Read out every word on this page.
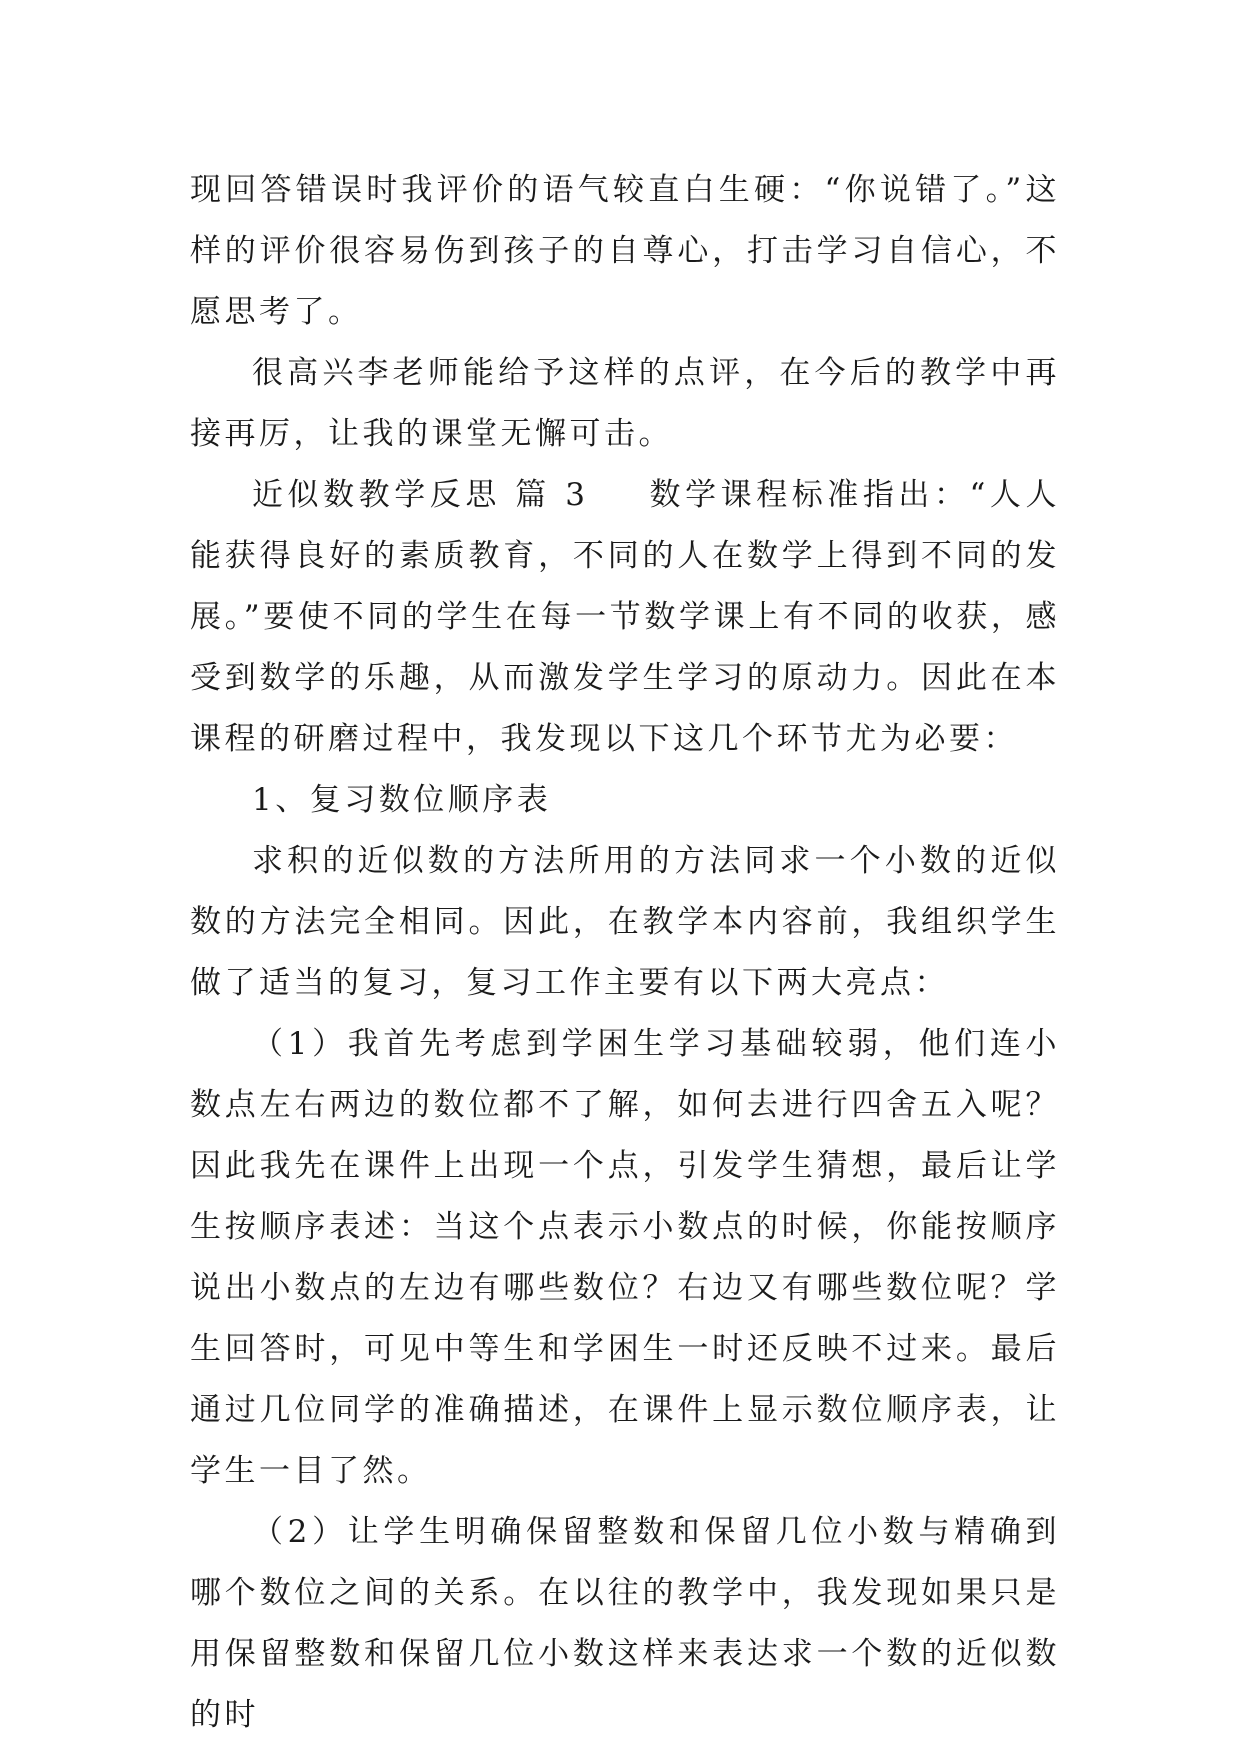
现回答错误时我评价的语气较直白生硬：“你说错了。”这样的评价很容易伤到孩子的自尊心，打击学习自信心，不愿思考了。

很高兴李老师能给予这样的点评，在今后的教学中再接再厉，让我的课堂无懈可击。

近似数教学反思 篇 3 数学课程标准指出：“人人能获得良好的素质教育，不同的人在数学上得到不同的发展。”要使不同的学生在每一节数学课上有不同的收获，感受到数学的乐趣，从而激发学生学习的原动力。因此在本课程的研磨过程中，我发现以下这几个环节尤为必要：

1、复习数位顺序表

求积的近似数的方法所用的方法同求一个小数的近似数的方法完全相同。因此，在教学本内容前，我组织学生做了适当的复习，复习工作主要有以下两大亮点：

（1）我首先考虑到学困生学习基础较弱，他们连小数点左右两边的数位都不了解，如何去进行四舍五入呢？因此我先在课件上出现一个点，引发学生猜想，最后让学生按顺序表述：当这个点表示小数点的时候，你能按顺序说出小数点的左边有哪些数位？右边又有哪些数位呢？学生回答时，可见中等生和学困生一时还反映不过来。最后通过几位同学的准确描述，在课件上显示数位顺序表，让学生一目了然。

（2）让学生明确保留整数和保留几位小数与精确到哪个数位之间的关系。在以往的教学中，我发现如果只是用保留整数和保留几位小数这样来表达求一个数的近似数的时
